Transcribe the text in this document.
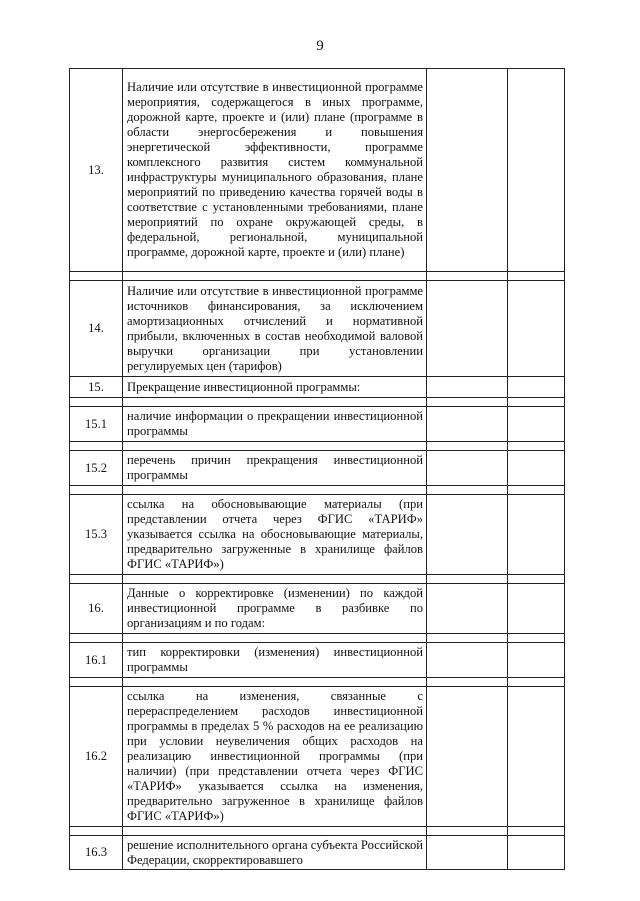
9
13.	Наличие или отсутствие в инвестиционной программе мероприятия, содержащегося в иных программе, дорожной карте, проекте и (или) плане (программе в области энергосбережения и повышения энергетической эффективности, программе комплексного развития систем коммунальной инфраструктуры муниципального образования, плане мероприятий по приведению качества горячей воды в соответствие с установленными требованиями, плане мероприятий по охране окружающей среды, в федеральной, региональной, муниципальной программе, дорожной карте, проекте и (или) плане)		

14.	Наличие или отсутствие в инвестиционной программе источников финансирования, за исключением амортизационных отчислений и нормативной прибыли, включенных в состав необходимой валовой выручки организации при установлении регулируемых цен (тарифов)		
15.	Прекращение инвестиционной программы:		

15.1	наличие информации о прекращении инвестиционной программы		

15.2	перечень причин прекращения инвестиционной программы		

15.3	ссылка на обосновывающие материалы (при представлении отчета через ФГИС «ТАРИФ» указывается ссылка на обосновывающие материалы, предварительно загруженные в хранилище файлов ФГИС «ТАРИФ»)		

16.	Данные о корректировке (изменении) по каждой инвестиционной программе в разбивке по организациям и по годам:		

16.1	тип корректировки (изменения) инвестиционной программы		

16.2	ссылка на изменения, связанные с перераспределением расходов инвестиционной программы в пределах 5 % расходов на ее реализацию при условии неувеличения общих расходов на реализацию инвестиционной программы (при наличии) (при представлении отчета через ФГИС «ТАРИФ» указывается ссылка на изменения, предварительно загруженное в хранилище файлов ФГИС «ТАРИФ»)		

16.3	решение исполнительного органа субъекта Российской Федерации, скорректировавшего		
